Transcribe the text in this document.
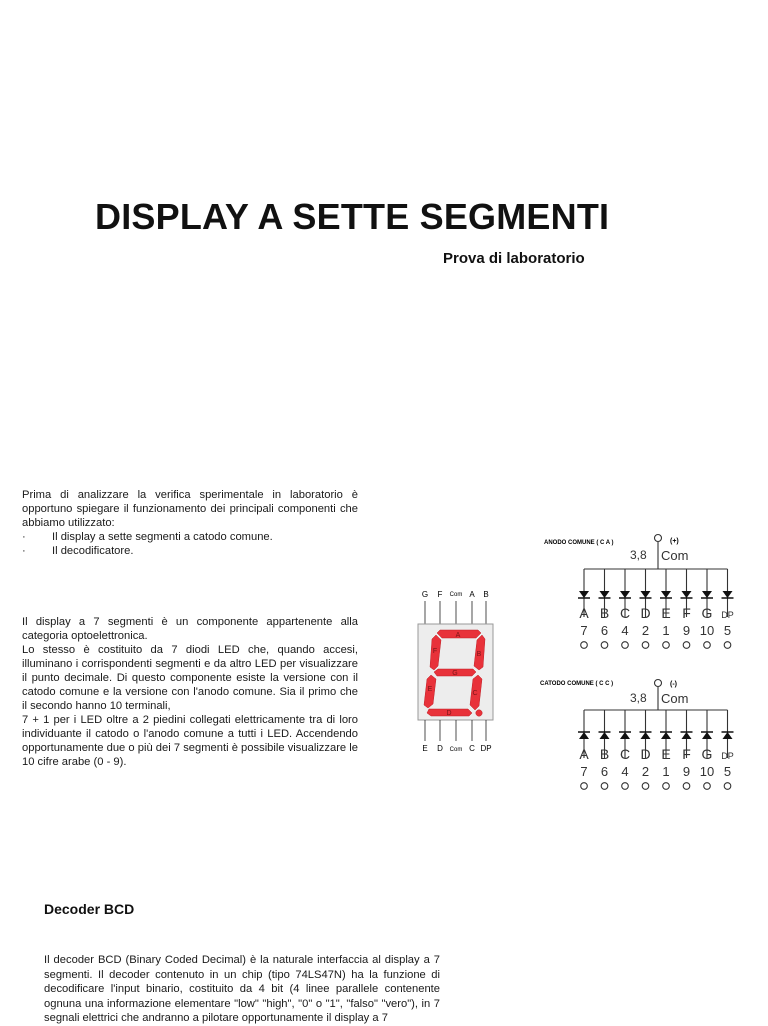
DISPLAY A SETTE SEGMENTI

Prova di laboratorio

Prima di analizzare la verifica sperimentale in laboratorio è opportuno spiegare il funzionamento dei principali componenti che abbiamo utilizzato:
· Il display a sette segmenti a catodo comune.
· Il decodificatore.
Il display a 7 segmenti è un componente appartenente alla categoria optoelettronica.
Lo stesso è costituito da 7 diodi LED che, quando accesi, illuminano i corrispondenti segmenti e da altro LED per visualizzare il punto decimale. Di questo componente esiste la versione con il catodo comune e la versione con l'anodo comune. Sia il primo che il secondo hanno 10 terminali,
7 + 1 per i LED oltre a 2 piedini collegati elettricamente tra di loro individuante il catodo o l'anodo comune a tutti i LED. Accendendo opportunamente due o più dei 7 segmenti è possibile visualizzare le 10 cifre arabe (0 - 9).
G F Com A B
A
B
C
D
E
F
G
E D Com C DP
ANODO COMUNE ( C A )	(+)
3,8 Com
A
7
B
6
C
4
D
2
E
1
F
9
G
10
DP
5
CATODO COMUNE ( C C )	(-)
3,8 Com
A
7
B
6
C
4
D
2
E
1
F
9
G
10
DP
5
Decoder BCD

Il decoder BCD (Binary Coded Decimal) è la naturale interfaccia al display a 7 segmenti. Il decoder contenuto in un chip (tipo 74LS47N) ha la funzione di decodificare l'input binario, costituito da 4 bit (4 linee parallele contenente ognuna una informazione elementare "low" "high", "0" o "1", "falso" "vero"), in 7 segnali elettrici che andranno a pilotare opportunamente il display a 7
